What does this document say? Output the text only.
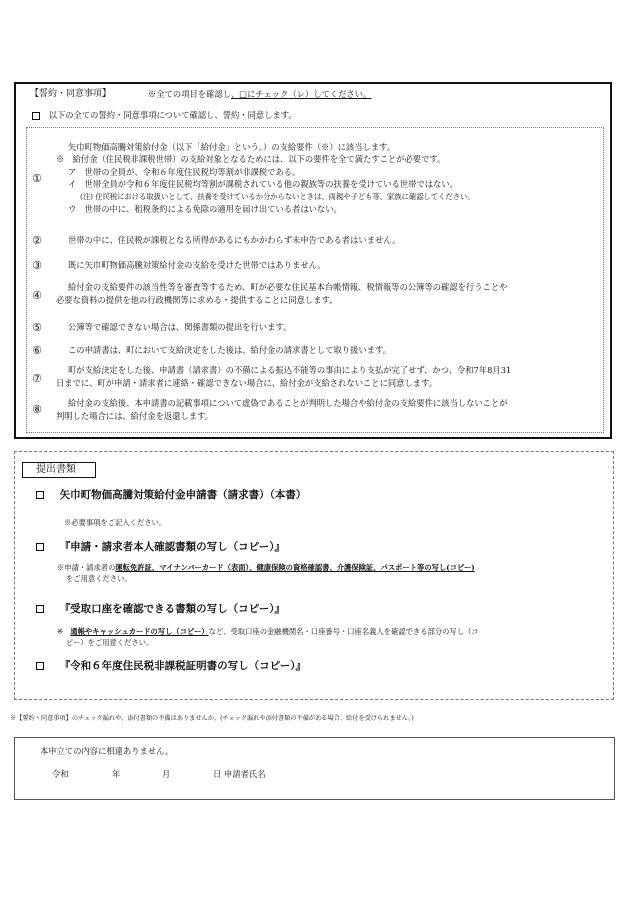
【誓約・同意事項】	※全ての項目を確認し、□にチェック（レ）してください。
以下の全ての誓約・同意事項について確認し、誓約・同意します。
①
矢巾町物価高騰対策給付金（以下「給付金」という。）の支給要件（※）に該当します。
※　給付金（住民税非課税世帯）の支給対象となるためには、以下の要件を全て満たすことが必要です。
ア　世帯の全員が、令和６年度住民税均等割が非課税である。
イ　世帯全員が令和６年度住民税均等割が課税されている他の親族等の扶養を受けている世帯ではない。
(注) 住民税における取扱いとして、扶養を受けているか分からないときは、両親や子ども等、家族に確認してください。
ウ　世帯の中に、租税条約による免除の適用を届け出ている者はいない。
②	世帯の中に、住民税が課税となる所得があるにもかかわらず未申告である者はいません。
③	既に矢巾町物価高騰対策給付金の支給を受けた世帯ではありません。
④
給付金の支給要件の該当性等を審査等するため、町が必要な住民基本台帳情報、税情報等の公簿等の確認を行うことや
必要な資料の提供を他の行政機関等に求める・提供することに同意します。
⑤	公簿等で確認できない場合は、関係書類の提出を行います。
⑥	この申請書は、町において支給決定をした後は、給付金の請求書として取り扱います。
⑦
町が支給決定をした後、申請書（請求書）の不備による振込不能等の事由により支払が完了せず、かつ、令和7年8月31
日までに、町が申請・請求者に連絡・確認できない場合に、給付金が支給されないことに同意します。
⑧	給付金の支給後、本申請書の記載事項について虚偽であることが判明した場合や給付金の支給要件に該当しないことが
判明した場合には、給付金を返還します。
提出書類
矢巾町物価高騰対策給付金申請書（請求書）（本書）
※必要事項をご記入ください。
『申請・請求者本人確認書類の写し（コピー）』
※申請・請求者の運転免許証、マイナンバーカード（表面）、健康保険の資格確認書、介護保険証、パスポート等の写し(コピー)
をご用意ください。
『受取口座を確認できる書類の写し（コピー）』
※　通帳やキャッシュカードの写し（コピー）など、受取口座の金融機関名・口座番号・口座名義人を確認できる部分の写し（コ
ピー）をご用意ください。
『令和６年度住民税非課税証明書の写し（コピー）』
※【誓約・同意事項】のチェック漏れや、添付書類の不備はありませんか。(チェック漏れや添付書類の不備がある場合、給付を受けられません。)
本申立ての内容に相違ありません。
令和	年	月	日 申請者氏名
